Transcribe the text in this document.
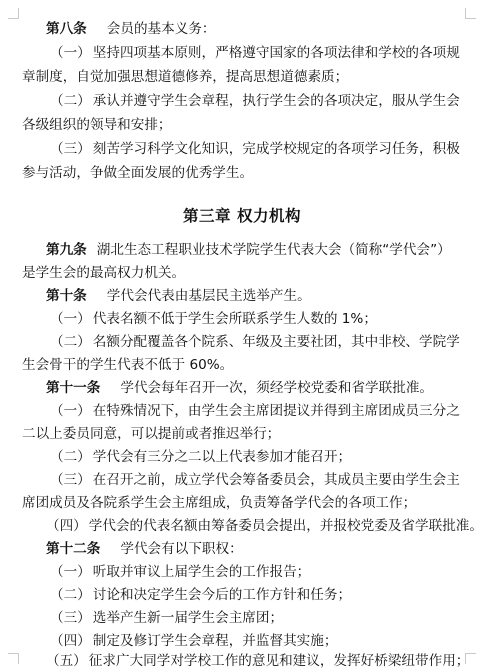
第八条 会员的基本义务：
（一） 坚持四项基本原则，严格遵守国家的各项法律和学校的各项规
章制度，自觉加强思想道德修养，提高思想道德素质；
（二） 承认并遵守学生会章程，执行学生会的各项决定，服从学生会
各级组织的领导和安排；
（三） 刻苦学习科学文化知识，完成学校规定的各项学习任务，积极
参与活动，争做全面发展的优秀学生。
第三章 权力机构
第九条 湖北生态工程职业技术学院学生代表大会（简称“学代会”）
是学生会的最高权力机关。
第十条 学代会代表由基层民主选举产生。
（一） 代表名额不低于学生会所联系学生人数的 1%；
（二） 名额分配覆盖各个院系、年级及主要社团，其中非校、学院学
生会骨干的学生代表不低于 60%。
第十一条 学代会每年召开一次，须经学校党委和省学联批准。
（一） 在特殊情况下，由学生会主席团提议并得到主席团成员三分之
二以上委员同意，可以提前或者推迟举行；
（二） 学代会有三分之二以上代表参加才能召开；
（三） 在召开之前，成立学代会筹备委员会，其成员主要由学生会主
席团成员及各院系学生会主席组成，负责筹备学代会的各项工作；
（四） 学代会的代表名额由筹备委员会提出，并报校党委及省学联批准。
第十二条 学代会有以下职权：
（一） 听取并审议上届学生会的工作报告；
（二） 讨论和决定学生会今后的工作方针和任务；
（三） 选举产生新一届学生会主席团；
（四） 制定及修订学生会章程，并监督其实施；
（五） 征求广大同学对学校工作的意见和建议，发挥好桥梁纽带作用；
